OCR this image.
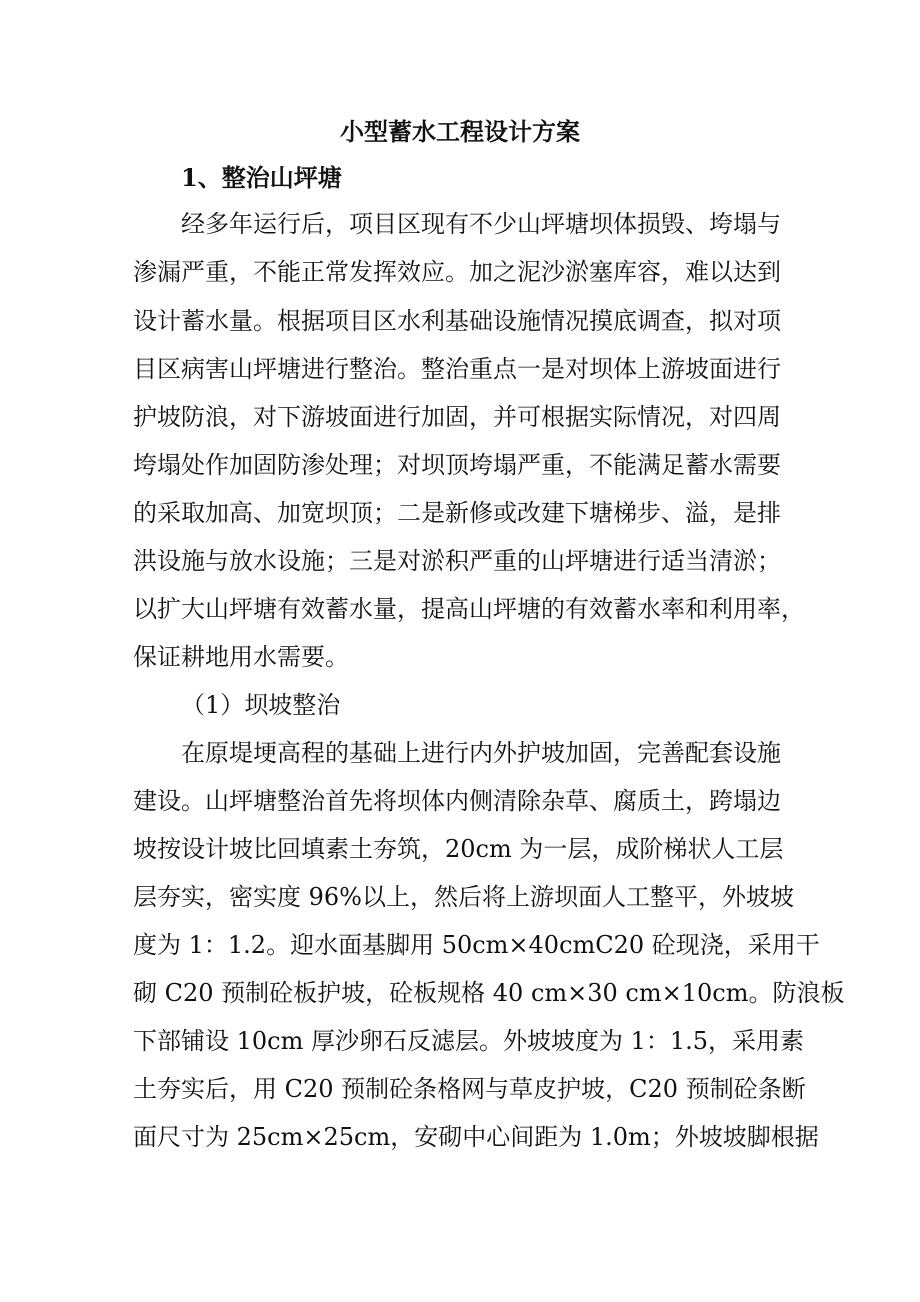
小型蓄水工程设计方案
1、整治山坪塘
经多年运行后，项目区现有不少山坪塘坝体损毁、垮塌与
渗漏严重，不能正常发挥效应。加之泥沙淤塞库容，难以达到
设计蓄水量。根据项目区水利基础设施情况摸底调查，拟对项
目区病害山坪塘进行整治。整治重点一是对坝体上游坡面进行
护坡防浪，对下游坡面进行加固，并可根据实际情况，对四周
垮塌处作加固防渗处理；对坝顶垮塌严重，不能满足蓄水需要
的采取加高、加宽坝顶；二是新修或改建下塘梯步、溢，是排
洪设施与放水设施；三是对淤积严重的山坪塘进行适当清淤；
以扩大山坪塘有效蓄水量，提高山坪塘的有效蓄水率和利用率，
保证耕地用水需要。
（1）坝坡整治
在原堤埂高程的基础上进行内外护坡加固，完善配套设施
建设。山坪塘整治首先将坝体内侧清除杂草、腐质土，跨塌边
坡按设计坡比回填素土夯筑，20cm 为一层，成阶梯状人工层
层夯实，密实度 96%以上，然后将上游坝面人工整平，外坡坡
度为 1：1.2。迎水面基脚用 50cm×40cmC20 砼现浇，采用干
砌 C20 预制砼板护坡，砼板规格 40 cm×30 cm×10cm。防浪板
下部铺设 10cm 厚沙卵石反滤层。外坡坡度为 1：1.5，采用素
土夯实后，用 C20 预制砼条格网与草皮护坡，C20 预制砼条断
面尺寸为 25cm×25cm，安砌中心间距为 1.0m；外坡坡脚根据
